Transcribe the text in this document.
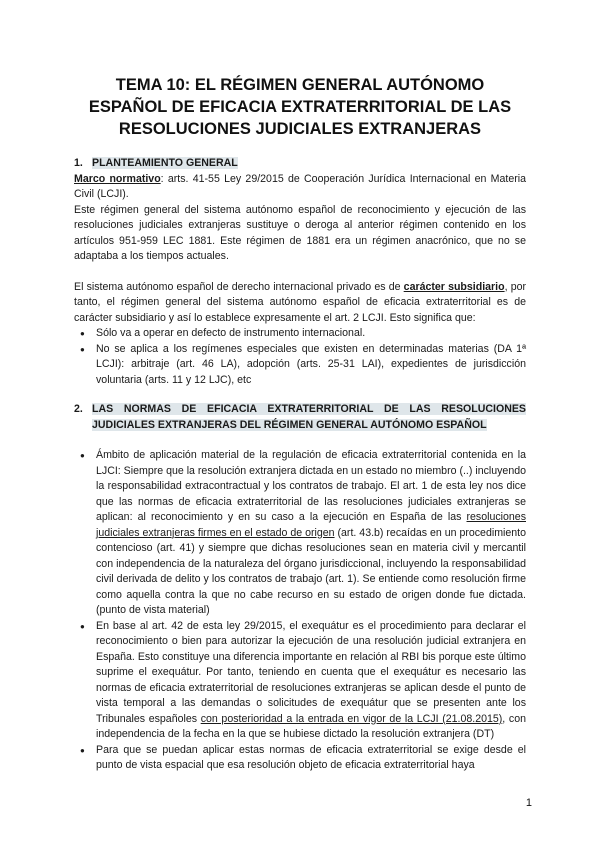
TEMA 10: EL RÉGIMEN GENERAL AUTÓNOMO
ESPAÑOL DE EFICACIA EXTRATERRITORIAL DE LAS
RESOLUCIONES JUDICIALES EXTRANJERAS
1. PLANTEAMIENTO GENERAL

Marco normativo: arts. 41-55 Ley 29/2015 de Cooperación Jurídica Internacional en Materia Civil (LCJI).

Este régimen general del sistema autónomo español de reconocimiento y ejecución de las resoluciones judiciales extranjeras sustituye o deroga al anterior régimen contenido en los artículos 951-959 LEC 1881. Este régimen de 1881 era un régimen anacrónico, que no se adaptaba a los tiempos actuales.

El sistema autónomo español de derecho internacional privado es de carácter subsidiario, por tanto, el régimen general del sistema autónomo español de eficacia extraterritorial es de carácter subsidiario y así lo establece expresamente el art. 2 LCJI. Esto significa que:

● Sólo va a operar en defecto de instrumento internacional.
● No se aplica a los regímenes especiales que existen en determinadas materias (DA 1ª LCJI): arbitraje (art. 46 LA), adopción (arts. 25-31 LAI), expedientes de jurisdicción voluntaria (arts. 11 y 12 LJC), etc
2. LAS NORMAS DE EFICACIA EXTRATERRITORIAL DE LAS RESOLUCIONES JUDICIALES EXTRANJERAS DEL RÉGIMEN GENERAL AUTÓNOMO ESPAÑOL
● Ámbito de aplicación material de la regulación de eficacia extraterritorial contenida en la LJCI: Siempre que la resolución extranjera dictada en un estado no miembro (..) incluyendo la responsabilidad extracontractual y los contratos de trabajo. El art. 1 de esta ley nos dice que las normas de eficacia extraterritorial de las resoluciones judiciales extranjeras se aplican: al reconocimiento y en su caso a la ejecución en España de las resoluciones judiciales extranjeras firmes en el estado de origen (art. 43.b) recaídas en un procedimiento contencioso (art. 41) y siempre que dichas resoluciones sean en materia civil y mercantil con independencia de la naturaleza del órgano jurisdiccional, incluyendo la responsabilidad civil derivada de delito y los contratos de trabajo (art. 1). Se entiende como resolución firme como aquella contra la que no cabe recurso en su estado de origen donde fue dictada. (punto de vista material)
● En base al art. 42 de esta ley 29/2015, el exequátur es el procedimiento para declarar el reconocimiento o bien para autorizar la ejecución de una resolución judicial extranjera en España. Esto constituye una diferencia importante en relación al RBI bis porque este último suprime el exequátur. Por tanto, teniendo en cuenta que el exequátur es necesario las normas de eficacia extraterritorial de resoluciones extranjeras se aplican desde el punto de vista temporal a las demandas o solicitudes de exequátur que se presenten ante los Tribunales españoles con posterioridad a la entrada en vigor de la LCJI (21.08.2015), con independencia de la fecha en la que se hubiese dictado la resolución extranjera (DT)
● Para que se puedan aplicar estas normas de eficacia extraterritorial se exige desde el punto de vista espacial que esa resolución objeto de eficacia extraterritorial haya
1
